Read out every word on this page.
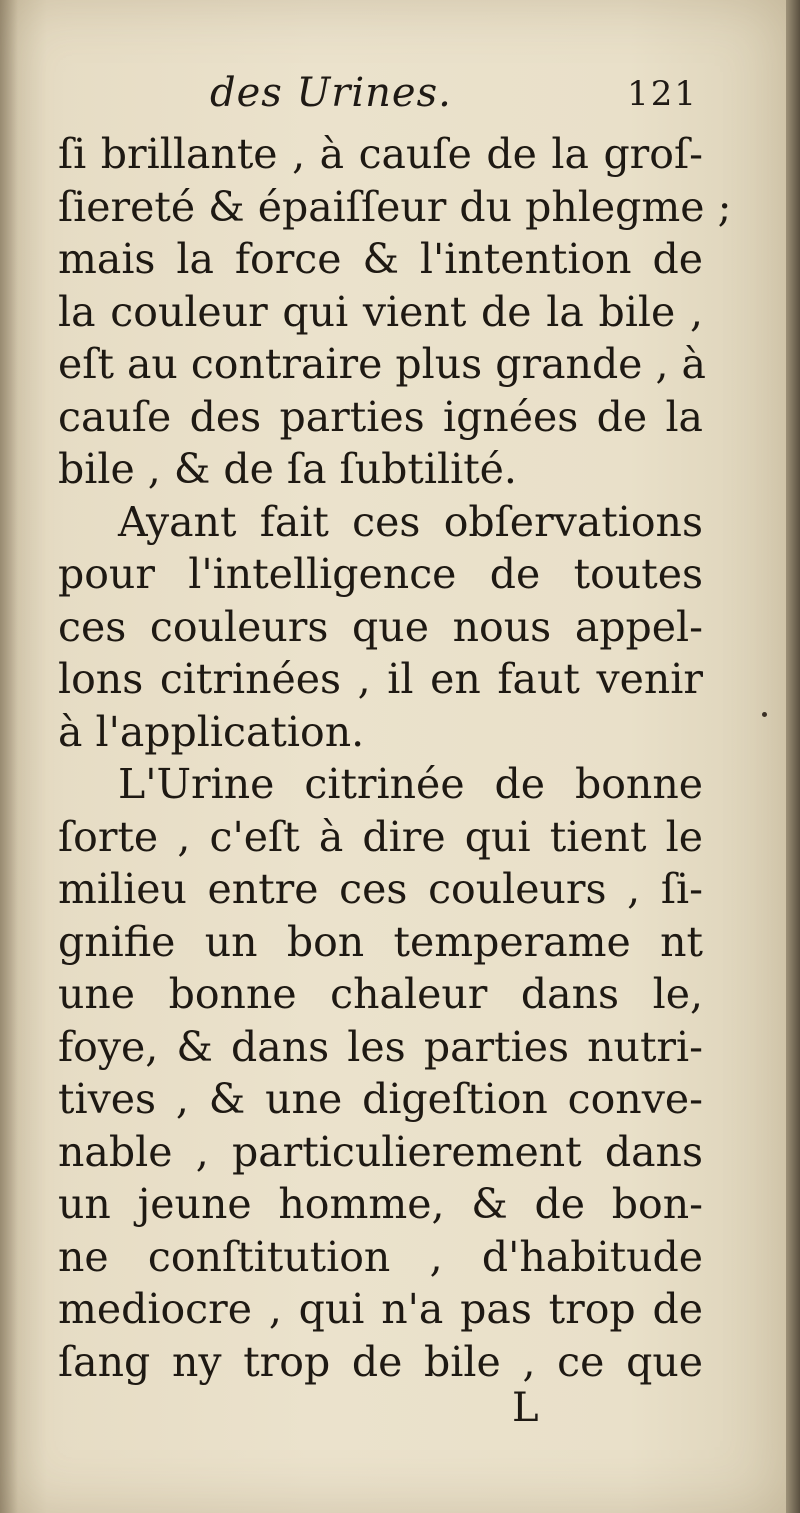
des Urines.	121
ſi brillante , à cauſe de la groſ-
ſiereté & épaiſſeur du phlegme ;
mais la force & l'intention de
la couleur qui vient de la bile ,
eſt au contraire plus grande , à
cauſe des parties ignées de la
bile , & de ſa ſubtilité.
Ayant fait ces obſervations
pour l'intelligence de toutes
ces couleurs que nous appel-
lons citrinées , il en faut venir
à l'application.
L'Urine citrinée de bonne
ſorte , c'eſt à dire qui tient le
milieu entre ces couleurs , ſi-
gnifie un bon temperame nt
une bonne chaleur dans le,
foye, & dans les parties nutri-
tives , & une digeſtion conve-
nable , particulierement dans
un jeune homme, & de bon-
ne conſtitution , d'habitude
mediocre , qui n'a pas trop de
ſang ny trop de bile , ce que
L
